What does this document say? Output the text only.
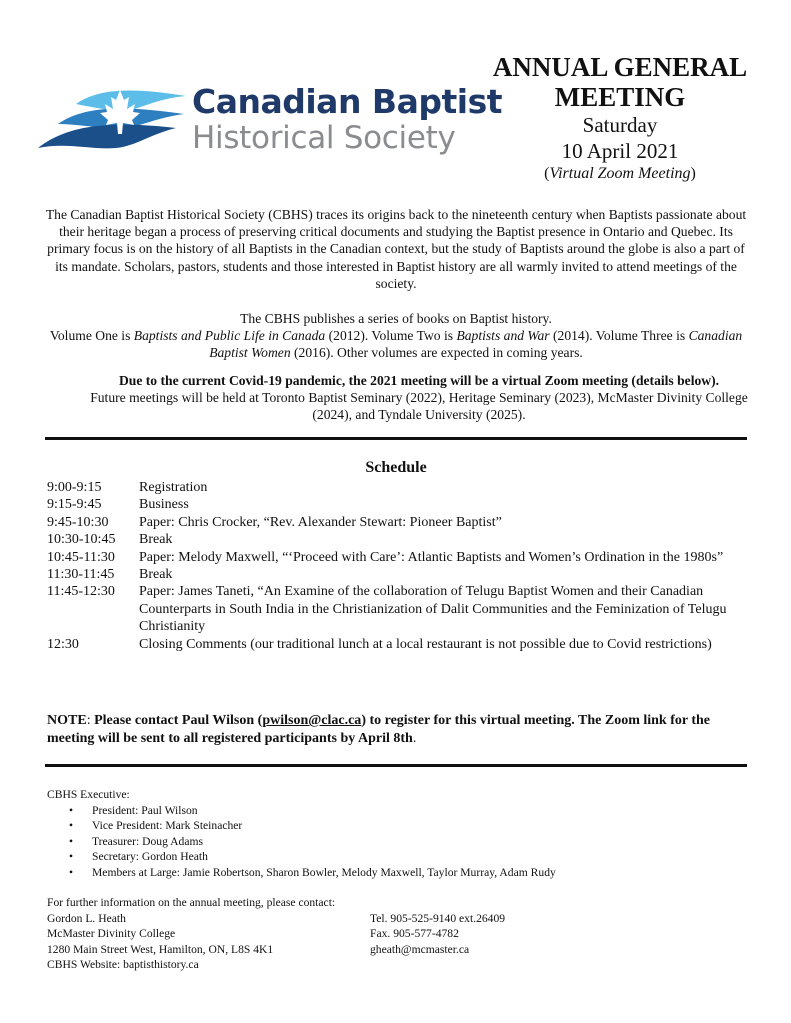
Canadian Baptist
Historical Society
ANNUAL GENERAL
MEETING
Saturday
10 April 2021
(Virtual Zoom Meeting)
The Canadian Baptist Historical Society (CBHS) traces its origins back to the nineteenth century when Baptists passionate about their heritage began a process of preserving critical documents and studying the Baptist presence in Ontario and Quebec. Its primary focus is on the history of all Baptists in the Canadian context, but the study of Baptists around the globe is also a part of its mandate. Scholars, pastors, students and those interested in Baptist history are all warmly invited to attend meetings of the society.
The CBHS publishes a series of books on Baptist history.
Volume One is Baptists and Public Life in Canada (2012). Volume Two is Baptists and War (2014). Volume Three is Canadian Baptist Women (2016). Other volumes are expected in coming years.
Due to the current Covid-19 pandemic, the 2021 meeting will be a virtual Zoom meeting (details below).
Future meetings will be held at Toronto Baptist Seminary (2022), Heritage Seminary (2023), McMaster Divinity College (2024), and Tyndale University (2025).
Schedule
9:00-9:15	Registration
9:15-9:45	Business
9:45-10:30	Paper: Chris Crocker, “Rev. Alexander Stewart: Pioneer Baptist”
10:30-10:45	Break
10:45-11:30	Paper: Melody Maxwell, “‘Proceed with Care’: Atlantic Baptists and Women’s Ordination in the 1980s”
11:30-11:45	Break
11:45-12:30	Paper: James Taneti, “An Examine of the collaboration of Telugu Baptist Women and their Canadian Counterparts in South India in the Christianization of Dalit Communities and the Feminization of Telugu Christianity
12:30	Closing Comments (our traditional lunch at a local restaurant is not possible due to Covid restrictions)
NOTE: Please contact Paul Wilson (pwilson@clac.ca) to register for this virtual meeting. The Zoom link for the meeting will be sent to all registered participants by April 8th.
CBHS Executive:
• President: Paul Wilson
• Vice President: Mark Steinacher
• Treasurer: Doug Adams
• Secretary: Gordon Heath
• Members at Large: Jamie Robertson, Sharon Bowler, Melody Maxwell, Taylor Murray, Adam Rudy
For further information on the annual meeting, please contact:
Gordon L. Heath	Tel. 905-525-9140 ext.26409
McMaster Divinity College	Fax. 905-577-4782
1280 Main Street West, Hamilton, ON, L8S 4K1	gheath@mcmaster.ca
CBHS Website: baptisthistory.ca
